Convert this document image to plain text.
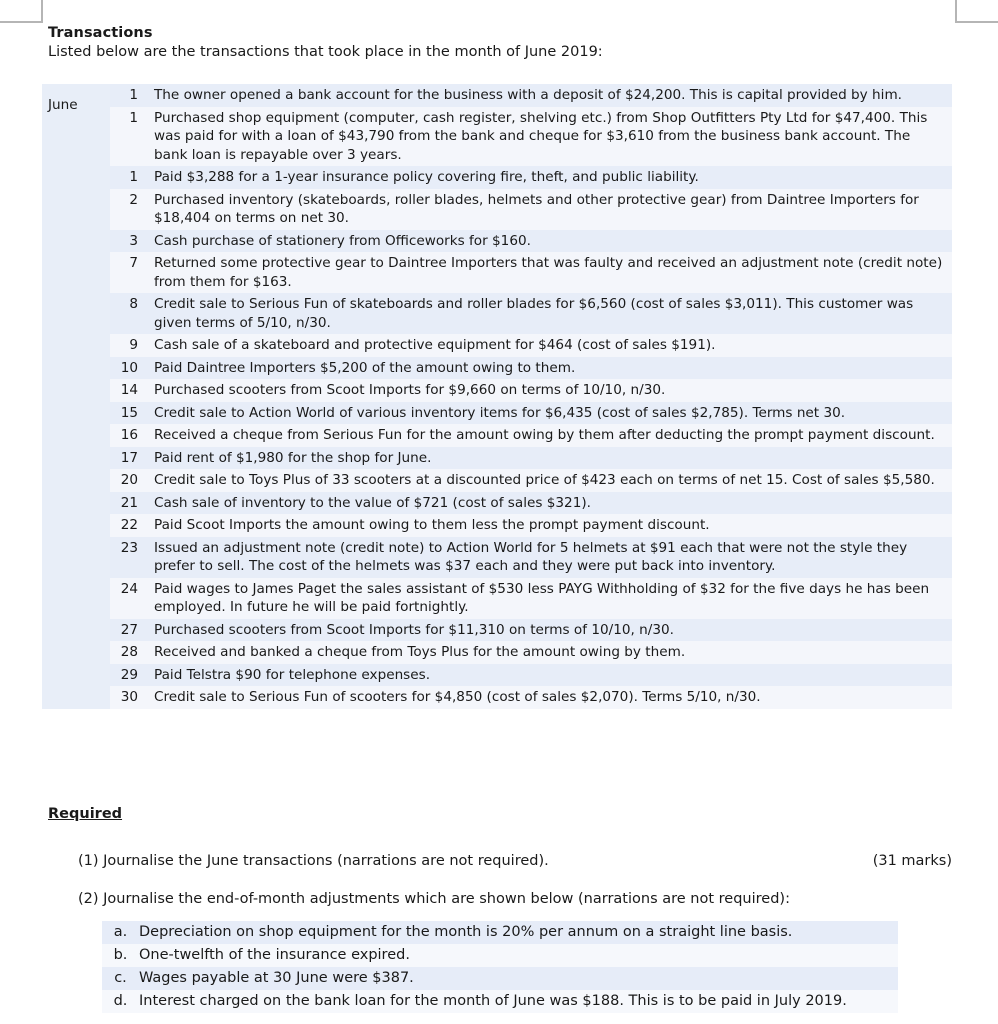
Transactions
Listed below are the transactions that took place in the month of June 2019:
June	1	The owner opened a bank account for the business with a deposit of $24,200. This is capital provided by him.
	1	Purchased shop equipment (computer, cash register, shelving etc.) from Shop Outfitters Pty Ltd for $47,400. This was paid for with a loan of $43,790 from the bank and cheque for $3,610 from the business bank account. The bank loan is repayable over 3 years.
	1	Paid $3,288 for a 1-year insurance policy covering fire, theft, and public liability.
	2	Purchased inventory (skateboards, roller blades, helmets and other protective gear) from Daintree Importers for $18,404 on terms on net 30.
	3	Cash purchase of stationery from Officeworks for $160.
	7	Returned some protective gear to Daintree Importers that was faulty and received an adjustment note (credit note) from them for $163.
	8	Credit sale to Serious Fun of skateboards and roller blades for $6,560 (cost of sales $3,011). This customer was given terms of 5/10, n/30.
	9	Cash sale of a skateboard and protective equipment for $464 (cost of sales $191).
	10	Paid Daintree Importers $5,200 of the amount owing to them.
	14	Purchased scooters from Scoot Imports for $9,660 on terms of 10/10, n/30.
	15	Credit sale to Action World of various inventory items for $6,435 (cost of sales $2,785). Terms net 30.
	16	Received a cheque from Serious Fun for the amount owing by them after deducting the prompt payment discount.
	17	Paid rent of $1,980 for the shop for June.
	20	Credit sale to Toys Plus of 33 scooters at a discounted price of $423 each on terms of net 15. Cost of sales $5,580.
	21	Cash sale of inventory to the value of $721 (cost of sales $321).
	22	Paid Scoot Imports the amount owing to them less the prompt payment discount.
	23	Issued an adjustment note (credit note) to Action World for 5 helmets at $91 each that were not the style they prefer to sell. The cost of the helmets was $37 each and they were put back into inventory.
	24	Paid wages to James Paget the sales assistant of $530 less PAYG Withholding of $32 for the five days he has been employed. In future he will be paid fortnightly.
	27	Purchased scooters from Scoot Imports for $11,310 on terms of 10/10, n/30.
	28	Received and banked a cheque from Toys Plus for the amount owing by them.
	29	Paid Telstra $90 for telephone expenses.
	30	Credit sale to Serious Fun of scooters for $4,850 (cost of sales $2,070). Terms 5/10, n/30.
Required
(1) Journalise the June transactions (narrations are not required).	(31 marks)
(2) Journalise the end-of-month adjustments which are shown below (narrations are not required):
a. Depreciation on shop equipment for the month is 20% per annum on a straight line basis.
b. One-twelfth of the insurance expired.
c. Wages payable at 30 June were $387.
d. Interest charged on the bank loan for the month of June was $188. This is to be paid in July 2019.
